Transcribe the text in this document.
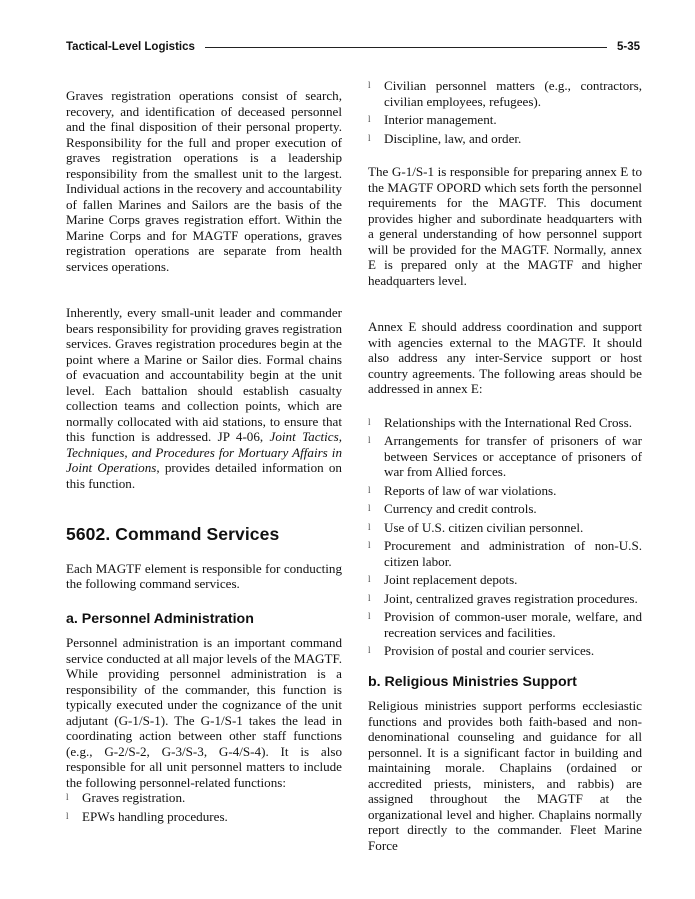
Tactical-Level Logistics	5-35

Graves registration operations consist of search, recovery, and identification of deceased personnel and the final disposition of their personal property. Responsibility for the full and proper execution of graves registration operations is a leadership responsibility from the smallest unit to the largest. Individual actions in the recovery and accountability of fallen Marines and Sailors are the basis of the Marine Corps graves registration effort. Within the Marine Corps and for MAGTF operations, graves registration operations are separate from health services operations.

Inherently, every small-unit leader and commander bears responsibility for providing graves registration services. Graves registration procedures begin at the point where a Marine or Sailor dies. Formal chains of evacuation and accountability begin at the unit level. Each battalion should establish casualty collection teams and collection points, which are normally collocated with aid stations, to ensure that this function is addressed. JP 4-06, Joint Tactics, Techniques, and Procedures for Mortuary Affairs in Joint Operations, provides detailed information on this function.

5602. Command Services

Each MAGTF element is responsible for conducting the following command services.

a. Personnel Administration

Personnel administration is an important command service conducted at all major levels of the MAGTF. While providing personnel administration is a responsibility of the commander, this function is typically executed under the cognizance of the unit adjutant (G-1/S-1). The G-1/S-1 takes the lead in coordinating action between other staff functions (e.g., G-2/S-2, G-3/S-3, G-4/S-4). It is also responsible for all unit personnel matters to include the following personnel-related functions:

l Graves registration.
l EPWs handling procedures.
l Civilian personnel matters (e.g., contractors, civilian employees, refugees).
l Interior management.
l Discipline, law, and order.

The G-1/S-1 is responsible for preparing annex E to the MAGTF OPORD which sets forth the personnel requirements for the MAGTF. This document provides higher and subordinate headquarters with a general understanding of how personnel support will be provided for the MAGTF. Normally, annex E is prepared only at the MAGTF and higher headquarters level.

Annex E should address coordination and support with agencies external to the MAGTF. It should also address any inter-Service support or host country agreements. The following areas should be addressed in annex E:

l Relationships with the International Red Cross.
l Arrangements for transfer of prisoners of war between Services or acceptance of prisoners of war from Allied forces.
l Reports of law of war violations.
l Currency and credit controls.
l Use of U.S. citizen civilian personnel.
l Procurement and administration of non-U.S. citizen labor.
l Joint replacement depots.
l Joint, centralized graves registration procedures.
l Provision of common-user morale, welfare, and recreation services and facilities.
l Provision of postal and courier services.
b. Religious Ministries Support

Religious ministries support performs ecclesiastic functions and provides both faith-based and non-denominational counseling and guidance for all personnel. It is a significant factor in building and maintaining morale. Chaplains (ordained or accredited priests, ministers, and rabbis) are assigned throughout the MAGTF at the organizational level and higher. Chaplains normally report directly to the commander. Fleet Marine Force
